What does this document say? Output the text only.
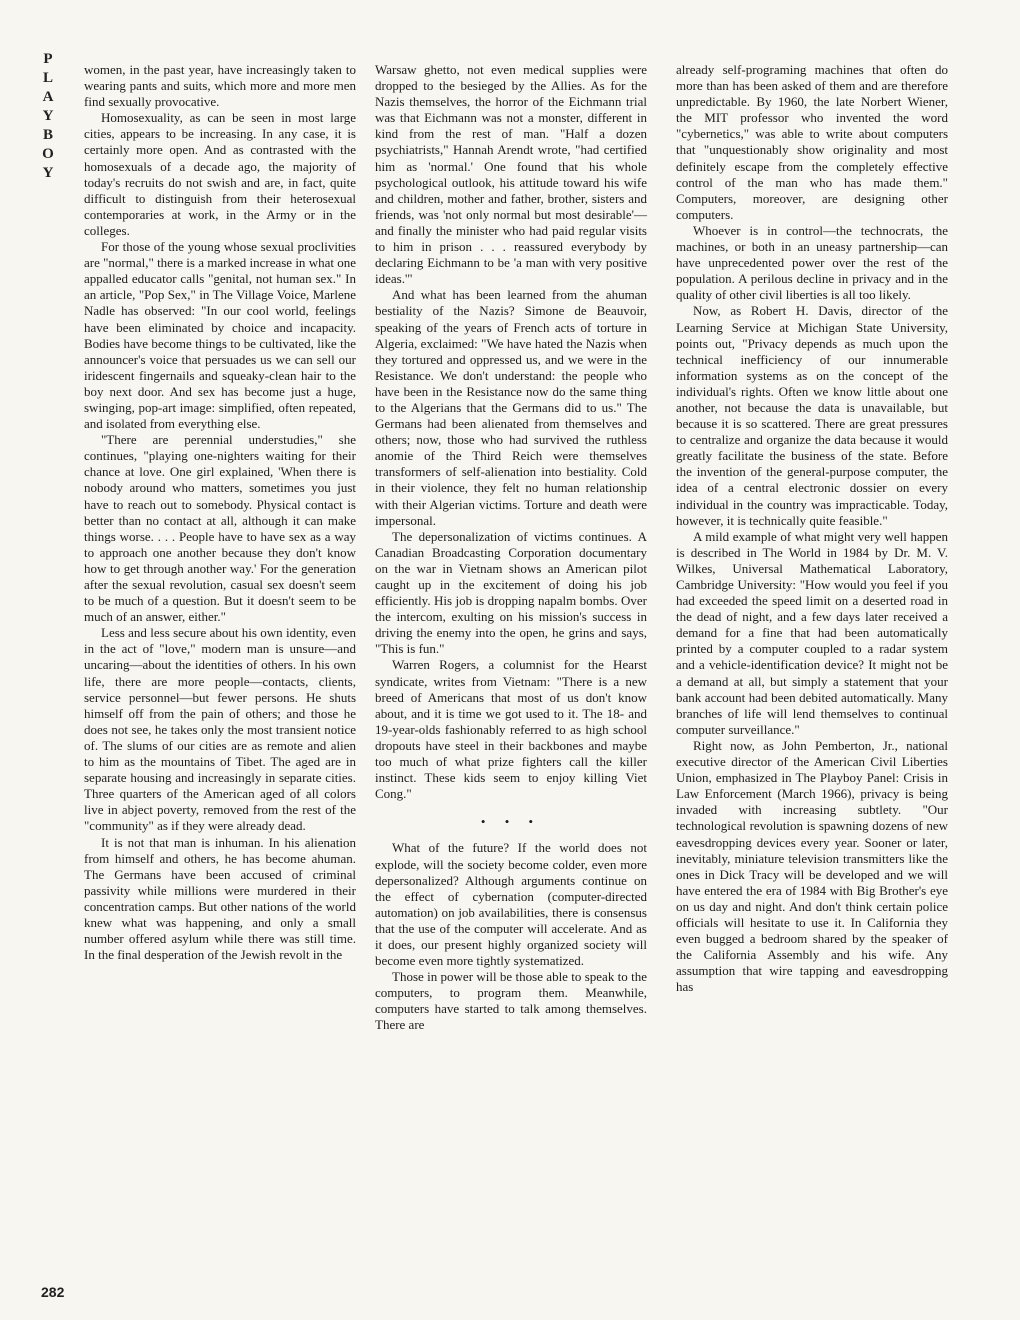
P
L
A
Y
B
O
Y
282

women, in the past year, have increasingly taken to wearing pants and suits, which more and more men find sexually provocative.

Homosexuality, as can be seen in most large cities, appears to be increasing. In any case, it is certainly more open. And as contrasted with the homosexuals of a decade ago, the majority of today's recruits do not swish and are, in fact, quite difficult to distinguish from their heterosexual contemporaries at work, in the Army or in the colleges.

For those of the young whose sexual proclivities are "normal," there is a marked increase in what one appalled educator calls "genital, not human sex." In an article, "Pop Sex," in The Village Voice, Marlene Nadle has observed: "In our cool world, feelings have been eliminated by choice and incapacity. Bodies have become things to be cultivated, like the announcer's voice that persuades us we can sell our iridescent fingernails and squeaky-clean hair to the boy next door. And sex has become just a huge, swinging, pop-art image: simplified, often repeated, and isolated from everything else.

"There are perennial understudies," she continues, "playing one-nighters waiting for their chance at love. One girl explained, 'When there is nobody around who matters, sometimes you just have to reach out to somebody. Physical contact is better than no contact at all, although it can make things worse. . . . People have to have sex as a way to approach one another because they don't know how to get through another way.' For the generation after the sexual revolution, casual sex doesn't seem to be much of a question. But it doesn't seem to be much of an answer, either."

Less and less secure about his own identity, even in the act of "love," modern man is unsure—and uncaring—about the identities of others. In his own life, there are more people—contacts, clients, service personnel—but fewer persons. He shuts himself off from the pain of others; and those he does not see, he takes only the most transient notice of. The slums of our cities are as remote and alien to him as the mountains of Tibet. The aged are in separate housing and increasingly in separate cities. Three quarters of the American aged of all colors live in abject poverty, removed from the rest of the "community" as if they were already dead.

It is not that man is inhuman. In his alienation from himself and others, he has become ahuman. The Germans have been accused of criminal passivity while millions were murdered in their concentration camps. But other nations of the world knew what was happening, and only a small number offered asylum while there was still time. In the final desperation of the Jewish revolt in the

Warsaw ghetto, not even medical supplies were dropped to the besieged by the Allies. As for the Nazis themselves, the horror of the Eichmann trial was that Eichmann was not a monster, different in kind from the rest of man. "Half a dozen psychiatrists," Hannah Arendt wrote, "had certified him as 'normal.' One found that his whole psychological outlook, his attitude toward his wife and children, mother and father, brother, sisters and friends, was 'not only normal but most desirable'—and finally the minister who had paid regular visits to him in prison . . . reassured everybody by declaring Eichmann to be 'a man with very positive ideas.'"

And what has been learned from the ahuman bestiality of the Nazis? Simone de Beauvoir, speaking of the years of French acts of torture in Algeria, exclaimed: "We have hated the Nazis when they tortured and oppressed us, and we were in the Resistance. We don't understand: the people who have been in the Resistance now do the same thing to the Algerians that the Germans did to us." The Germans had been alienated from themselves and others; now, those who had survived the ruthless anomie of the Third Reich were themselves transformers of self-alienation into bestiality. Cold in their violence, they felt no human relationship with their Algerian victims. Torture and death were impersonal.

The depersonalization of victims continues. A Canadian Broadcasting Corporation documentary on the war in Vietnam shows an American pilot caught up in the excitement of doing his job efficiently. His job is dropping napalm bombs. Over the intercom, exulting on his mission's success in driving the enemy into the open, he grins and says, "This is fun."

Warren Rogers, a columnist for the Hearst syndicate, writes from Vietnam: "There is a new breed of Americans that most of us don't know about, and it is time we got used to it. The 18- and 19-year-olds fashionably referred to as high school dropouts have steel in their backbones and maybe too much of what prize fighters call the killer instinct. These kids seem to enjoy killing Viet Cong."

• • •

What of the future? If the world does not explode, will the society become colder, even more depersonalized? Although arguments continue on the effect of cybernation (computer-directed automation) on job availabilities, there is consensus that the use of the computer will accelerate. And as it does, our present highly organized society will become even more tightly systematized.

Those in power will be those able to speak to the computers, to program them. Meanwhile, computers have started to talk among themselves. There are

already self-programing machines that often do more than has been asked of them and are therefore unpredictable. By 1960, the late Norbert Wiener, the MIT professor who invented the word "cybernetics," was able to write about computers that "unquestionably show originality and most definitely escape from the completely effective control of the man who has made them." Computers, moreover, are designing other computers.

Whoever is in control—the technocrats, the machines, or both in an uneasy partnership—can have unprecedented power over the rest of the population. A perilous decline in privacy and in the quality of other civil liberties is all too likely.

Now, as Robert H. Davis, director of the Learning Service at Michigan State University, points out, "Privacy depends as much upon the technical inefficiency of our innumerable information systems as on the concept of the individual's rights. Often we know little about one another, not because the data is unavailable, but because it is so scattered. There are great pressures to centralize and organize the data because it would greatly facilitate the business of the state. Before the invention of the general-purpose computer, the idea of a central electronic dossier on every individual in the country was impracticable. Today, however, it is technically quite feasible."

A mild example of what might very well happen is described in The World in 1984 by Dr. M. V. Wilkes, Universal Mathematical Laboratory, Cambridge University: "How would you feel if you had exceeded the speed limit on a deserted road in the dead of night, and a few days later received a demand for a fine that had been automatically printed by a computer coupled to a radar system and a vehicle-identification device? It might not be a demand at all, but simply a statement that your bank account had been debited automatically. Many branches of life will lend themselves to continual computer surveillance."

Right now, as John Pemberton, Jr., national executive director of the American Civil Liberties Union, emphasized in The Playboy Panel: Crisis in Law Enforcement (March 1966), privacy is being invaded with increasing subtlety. "Our technological revolution is spawning dozens of new eavesdropping devices every year. Sooner or later, inevitably, miniature television transmitters like the ones in Dick Tracy will be developed and we will have entered the era of 1984 with Big Brother's eye on us day and night. And don't think certain police officials will hesitate to use it. In California they even bugged a bedroom shared by the speaker of the California Assembly and his wife. Any assumption that wire tapping and eavesdropping has
